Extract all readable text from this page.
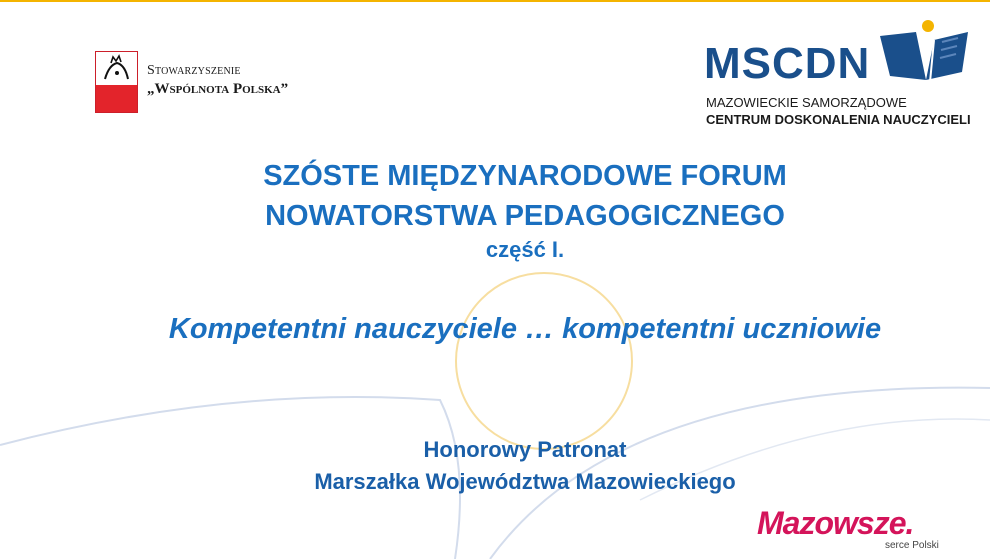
Stowarzyszenie
„Wspólnota Polska”
MSCDN
MAZOWIECKIE SAMORZĄDOWE
CENTRUM DOSKONALENIA NAUCZYCIELI
SZÓSTE MIĘDZYNARODOWE FORUM
NOWATORSTWA PEDAGOGICZNEGO
część I.
Kompetentni nauczyciele … kompetentni uczniowie
Honorowy Patronat
Marszałka Województwa Mazowieckiego
Mazowsze.
serce Polski
